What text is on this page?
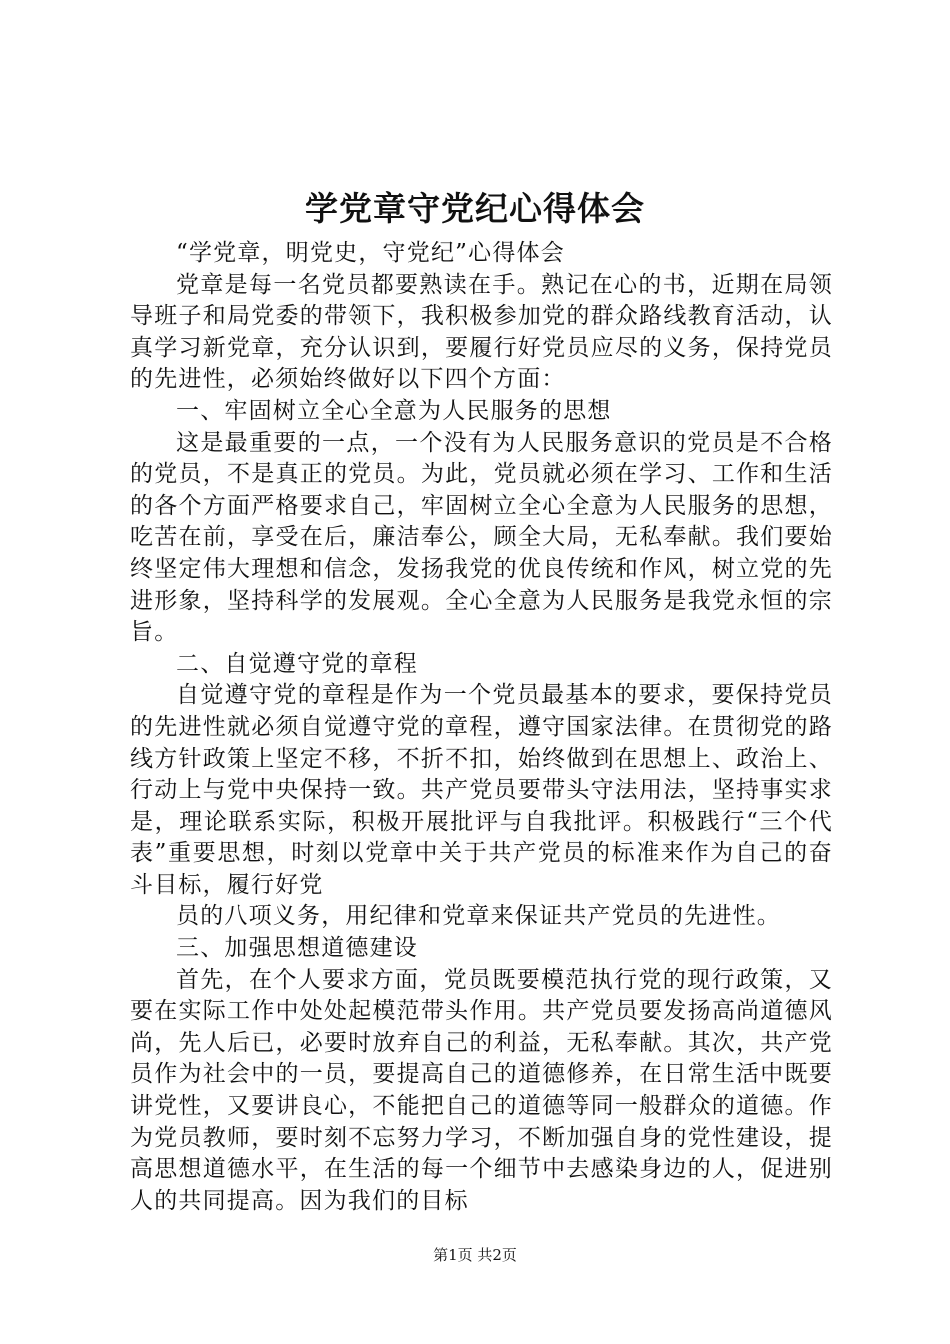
学党章守党纪心得体会

“学党章，明党史，守党纪”心得体会

党章是每一名党员都要熟读在手。熟记在心的书，近期在局领导班子和局党委的带领下，我积极参加党的群众路线教育活动，认真学习新党章，充分认识到，要履行好党员应尽的义务，保持党员的先进性，必须始终做好以下四个方面：

一、牢固树立全心全意为人民服务的思想

这是最重要的一点，一个没有为人民服务意识的党员是不合格的党员，不是真正的党员。为此，党员就必须在学习、工作和生活的各个方面严格要求自己，牢固树立全心全意为人民服务的思想，吃苦在前，享受在后，廉洁奉公，顾全大局，无私奉献。我们要始终坚定伟大理想和信念，发扬我党的优良传统和作风，树立党的先进形象，坚持科学的发展观。全心全意为人民服务是我党永恒的宗旨。

二、自觉遵守党的章程

自觉遵守党的章程是作为一个党员最基本的要求，要保持党员的先进性就必须自觉遵守党的章程，遵守国家法律。在贯彻党的路线方针政策上坚定不移，不折不扣，始终做到在思想上、政治上、行动上与党中央保持一致。共产党员要带头守法用法，坚持事实求是，理论联系实际，积极开展批评与自我批评。积极践行“三个代表”重要思想，时刻以党章中关于共产党员的标准来作为自己的奋斗目标，履行好党

员的八项义务，用纪律和党章来保证共产党员的先进性。

三、加强思想道德建设

首先，在个人要求方面，党员既要模范执行党的现行政策，又要在实际工作中处处起模范带头作用。共产党员要发扬高尚道德风尚，先人后已，必要时放弃自己的利益，无私奉献。其次，共产党员作为社会中的一员，要提高自己的道德修养，在日常生活中既要讲党性，又要讲良心，不能把自己的道德等同一般群众的道德。作为党员教师，要时刻不忘努力学习，不断加强自身的党性建设，提高思想道德水平，在生活的每一个细节中去感染身边的人，促进别人的共同提高。因为我们的目标

第1页 共2页
